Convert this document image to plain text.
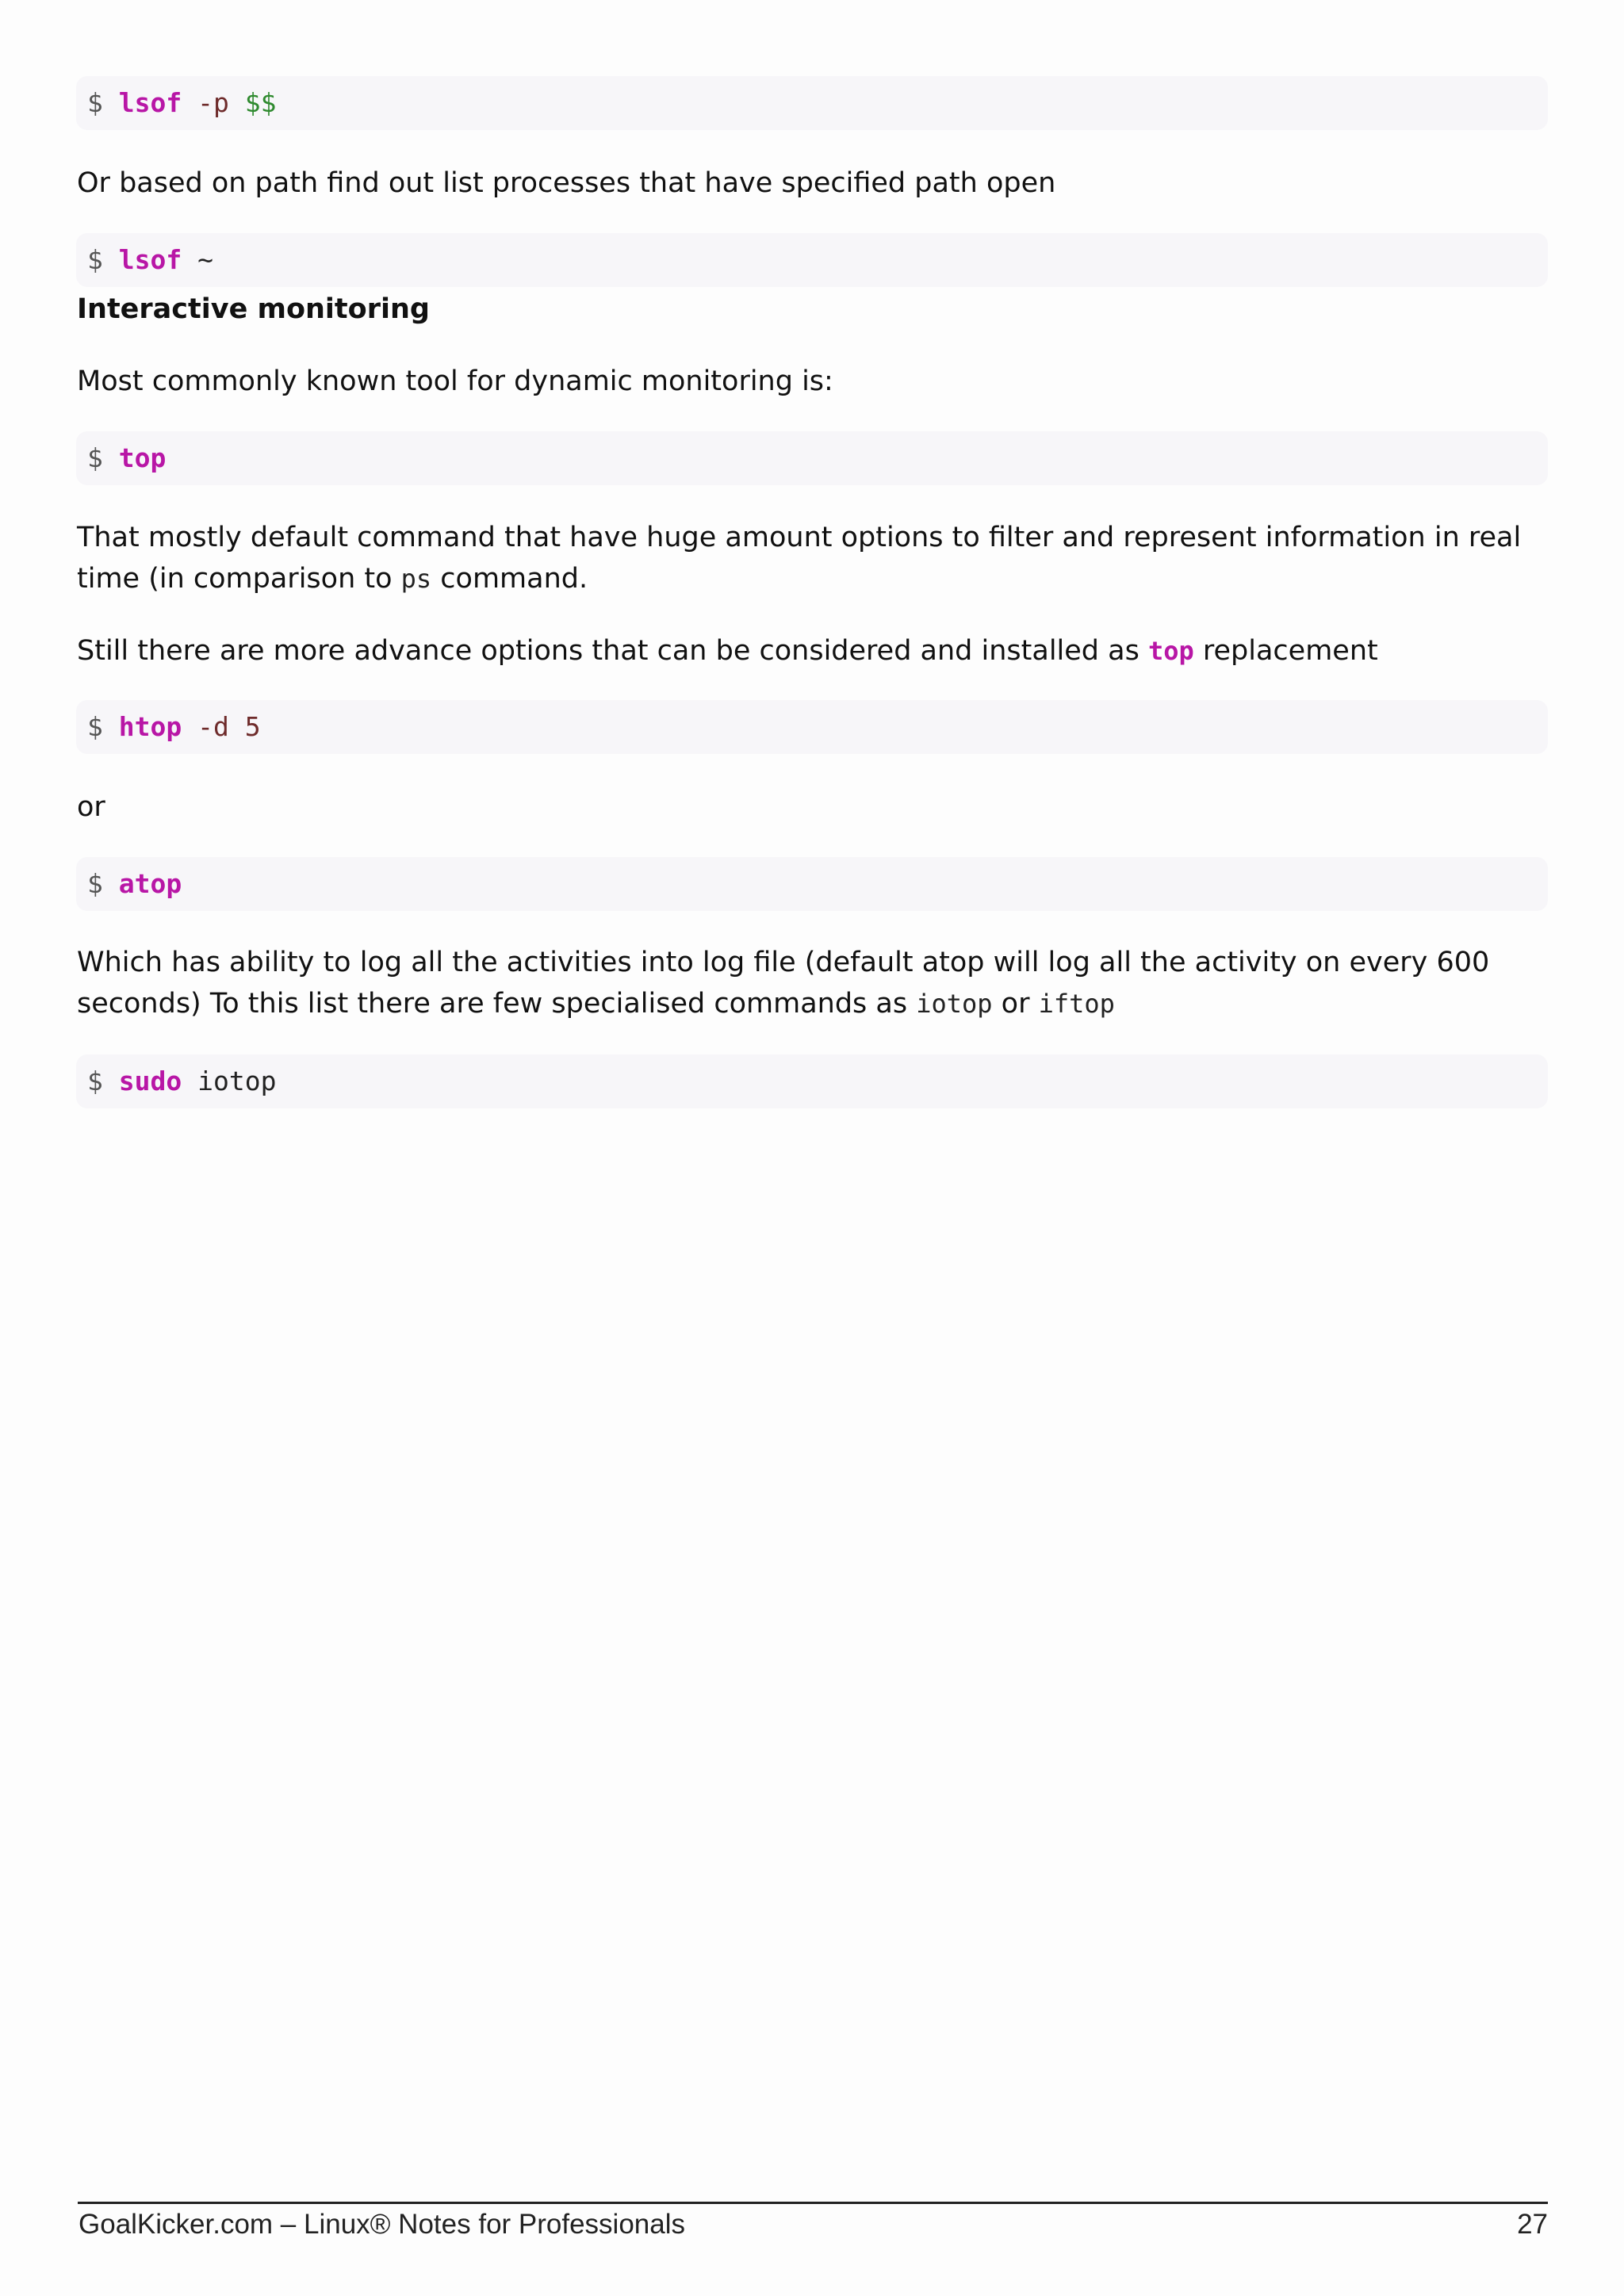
$ lsof -p $$
Or based on path find out list processes that have specified path open
$ lsof ~
Interactive monitoring
Most commonly known tool for dynamic monitoring is:
$ top
That mostly default command that have huge amount options to filter and represent information in real time (in comparison to ps command.
Still there are more advance options that can be considered and installed as top replacement
$ htop -d 5
or
$ atop
Which has ability to log all the activities into log file (default atop will log all the activity on every 600 seconds) To this list there are few specialised commands as iotop or iftop
$ sudo iotop
GoalKicker.com – Linux® Notes for Professionals	27
